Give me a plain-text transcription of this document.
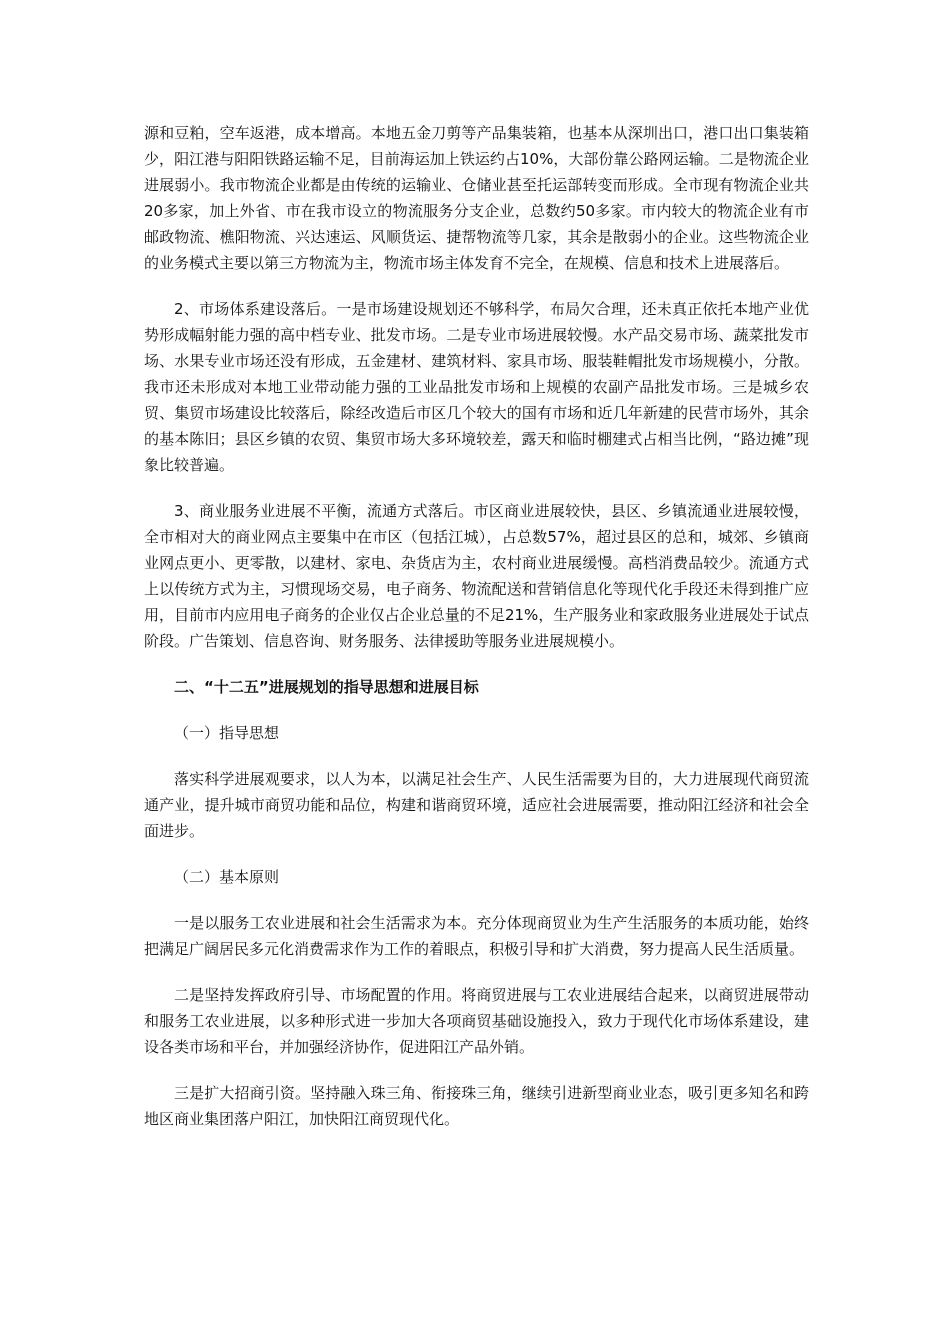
源和豆粕，空车返港，成本增高。本地五金刀剪等产品集装箱，也基本从深圳出口，港口出口集装箱少，阳江港与阳阳铁路运输不足，目前海运加上铁运约占10%，大部份靠公路网运输。二是物流企业进展弱小。我市物流企业都是由传统的运输业、仓储业甚至托运部转变而形成。全市现有物流企业共 20多家，加上外省、市在我市设立的物流服务分支企业，总数约50多家。市内较大的物流企业有市邮政物流、樵阳物流、兴达速运、风顺货运、捷帮物流等几家，其余是散弱小的企业。这些物流企业的业务模式主要以第三方物流为主，物流市场主体发育不完全，在规模、信息和技术上进展落后。

2、市场体系建设落后。一是市场建设规划还不够科学，布局欠合理，还未真正依托本地产业优势形成幅射能力强的高中档专业、批发市场。二是专业市场进展较慢。水产品交易市场、蔬菜批发市场、水果专业市场还没有形成，五金建材、建筑材料、家具市场、服装鞋帽批发市场规模小，分散。我市还未形成对本地工业带动能力强的工业品批发市场和上规模的农副产品批发市场。三是城乡农贸、集贸市场建设比较落后，除经改造后市区几个较大的国有市场和近几年新建的民营市场外，其余的基本陈旧；县区乡镇的农贸、集贸市场大多环境较差，露天和临时棚建式占相当比例，“路边摊”现象比较普遍。

3、商业服务业进展不平衡，流通方式落后。市区商业进展较快，县区、乡镇流通业进展较慢，全市相对大的商业网点主要集中在市区（包括江城），占总数57%，超过县区的总和，城郊、乡镇商业网点更小、更零散，以建材、家电、杂货店为主，农村商业进展缓慢。高档消费品较少。流通方式上以传统方式为主，习惯现场交易，电子商务、物流配送和营销信息化等现代化手段还未得到推广应用，目前市内应用电子商务的企业仅占企业总量的不足21%，生产服务业和家政服务业进展处于试点阶段。广告策划、信息咨询、财务服务、法律援助等服务业进展规模小。

二、“十二五”进展规划的指导思想和进展目标

（一）指导思想

落实科学进展观要求，以人为本，以满足社会生产、人民生活需要为目的，大力进展现代商贸流通产业，提升城市商贸功能和品位，构建和谐商贸环境，适应社会进展需要，推动阳江经济和社会全面进步。

（二）基本原则

一是以服务工农业进展和社会生活需求为本。充分体现商贸业为生产生活服务的本质功能，始终把满足广阔居民多元化消费需求作为工作的着眼点，积极引导和扩大消费，努力提高人民生活质量。

二是坚持发挥政府引导、市场配置的作用。将商贸进展与工农业进展结合起来，以商贸进展带动和服务工农业进展，以多种形式进一步加大各项商贸基础设施投入，致力于现代化市场体系建设，建设各类市场和平台，并加强经济协作，促进阳江产品外销。

三是扩大招商引资。坚持融入珠三角、衔接珠三角，继续引进新型商业业态，吸引更多知名和跨地区商业集团落户阳江，加快阳江商贸现代化。
